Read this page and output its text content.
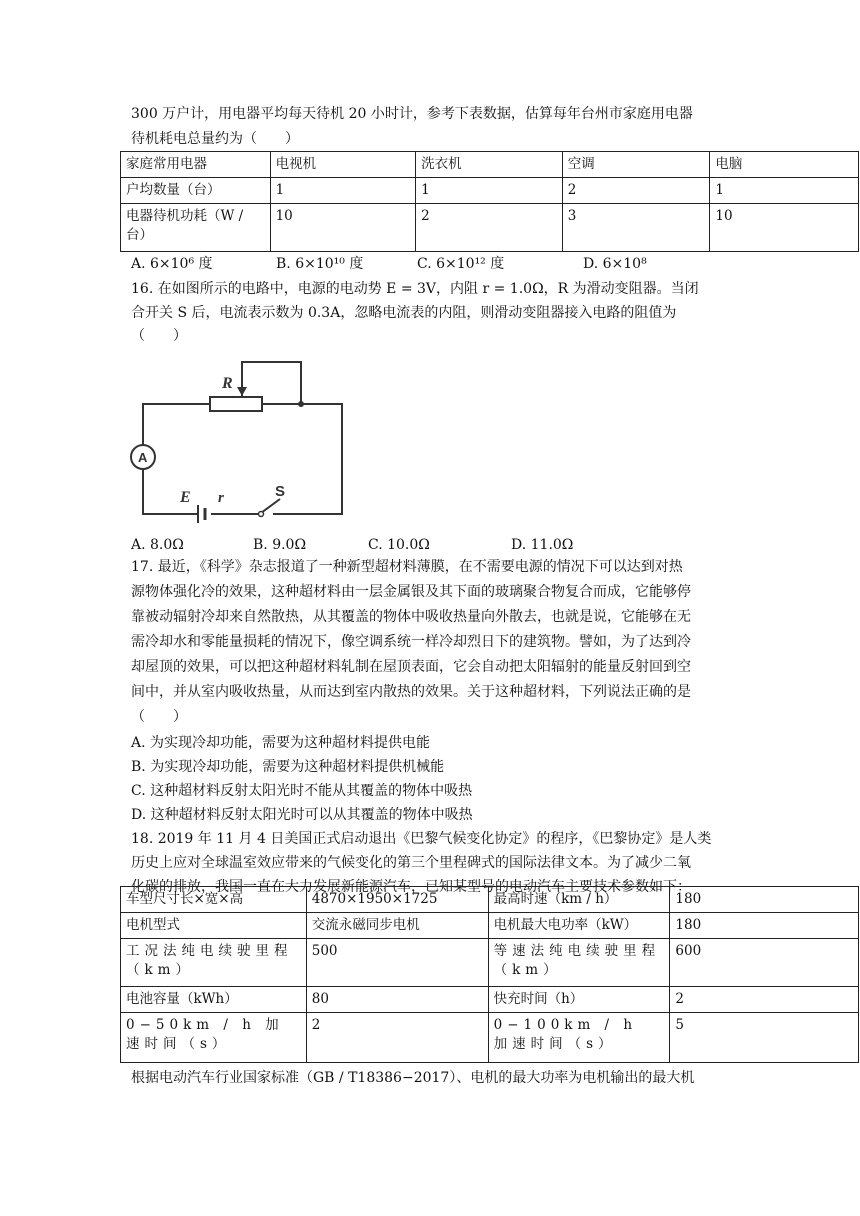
300 万户计，用电器平均每天待机 20 小时计，参考下表数据，估算每年台州市家庭用电器
待机耗电总量约为（　　）
家庭常用电器	电视机	洗衣机	空调	电脑
户均数量（台）	1	1	2	1
电器待机功耗（W / 台）	10	2	3	10
A. 6×10⁶ 度	B. 6×10¹⁰ 度	C. 6×10¹² 度	D. 6×10⁸
16. 在如图所示的电路中，电源的电动势 E = 3V，内阻 r = 1.0Ω，R 为滑动变阻器。当闭
合开关 S 后，电流表示数为 0.3A，忽略电流表的内阻，则滑动变阻器接入电路的阻值为
（　　）
R
A
E r	S
A. 8.0Ω	B. 9.0Ω	C. 10.0Ω	D. 11.0Ω
17. 最近，《科学》杂志报道了一种新型超材料薄膜，在不需要电源的情况下可以达到对热
源物体强化冷的效果，这种超材料由一层金属银及其下面的玻璃聚合物复合而成，它能够停
靠被动辐射冷却来自然散热，从其覆盖的物体中吸收热量向外散去，也就是说，它能够在无
需冷却水和零能量损耗的情况下，像空调系统一样冷却烈日下的建筑物。譬如，为了达到冷
却屋顶的效果，可以把这种超材料轧制在屋顶表面，它会自动把太阳辐射的能量反射回到空
间中，并从室内吸收热量，从而达到室内散热的效果。关于这种超材料，下列说法正确的是
（　　）
A. 为实现冷却功能，需要为这种超材料提供电能
B. 为实现冷却功能，需要为这种超材料提供机械能
C. 这种超材料反射太阳光时不能从其覆盖的物体中吸热
D. 这种超材料反射太阳光时可以从其覆盖的物体中吸热
18. 2019 年 11 月 4 日美国正式启动退出《巴黎气候变化协定》的程序，《巴黎协定》是人类
历史上应对全球温室效应带来的气候变化的第三个里程碑式的国际法律文本。为了减少二氧
化碳的排放，我国一直在大力发展新能源汽车，已知某型号的电动汽车主要技术参数如下：
车型尺寸长×宽×高	4870×1950×1725	最高时速（km / h）	180
电机型式	交流永磁同步电机	电机最大电功率（kW）	180
工况法纯电续驶里程（km）	500	等速法纯电续驶里程（km）	600
电池容量（kWh）	80	快充时间（h）	2
0−50km / h 加速时间（s）	2	0−100km / h 加速时间（s）	5
根据电动汽车行业国家标准（GB / T18386−2017）、电机的最大功率为电机输出的最大机
